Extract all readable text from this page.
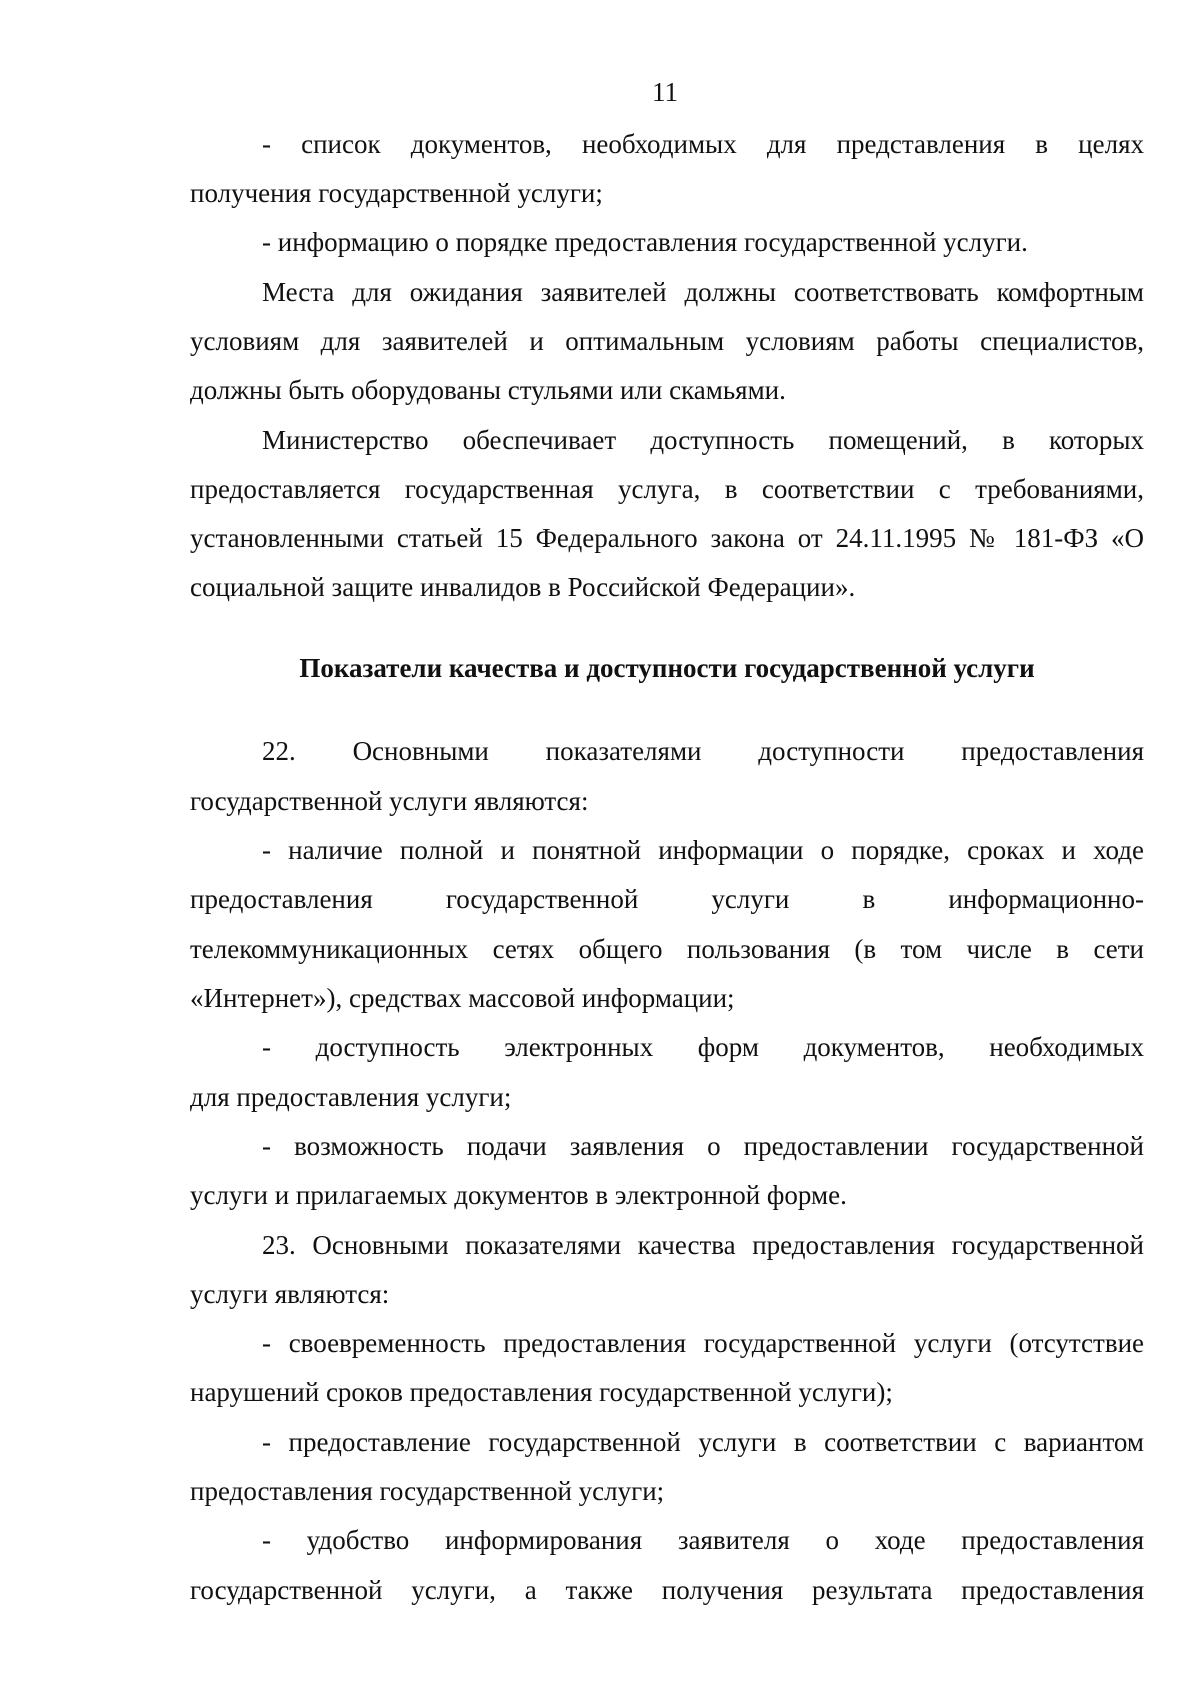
11
- список документов, необходимых для представления в целях
получения государственной услуги;
- информацию о порядке предоставления государственной услуги.
Места для ожидания заявителей должны соответствовать комфортным
условиям для заявителей и оптимальным условиям работы специалистов,
должны быть оборудованы стульями или скамьями.
Министерство обеспечивает доступность помещений, в которых
предоставляется государственная услуга, в соответствии с требованиями,
установленными статьей 15 Федерального закона от 24.11.1995 № 181-ФЗ «О
социальной защите инвалидов в Российской Федерации».
Показатели качества и доступности государственной услуги
22. Основными показателями доступности предоставления
государственной услуги являются:
- наличие полной и понятной информации о порядке, сроках и ходе
предоставления государственной услуги в информационно-
телекоммуникационных сетях общего пользования (в том числе в сети
«Интернет»), средствах массовой информации;
- доступность электронных форм документов, необходимых
для предоставления услуги;
- возможность подачи заявления о предоставлении государственной
услуги и прилагаемых документов в электронной форме.
23. Основными показателями качества предоставления государственной
услуги являются:
- своевременность предоставления государственной услуги (отсутствие
нарушений сроков предоставления государственной услуги);
- предоставление государственной услуги в соответствии с вариантом
предоставления государственной услуги;
- удобство информирования заявителя о ходе предоставления
государственной услуги, а также получения результата предоставления
